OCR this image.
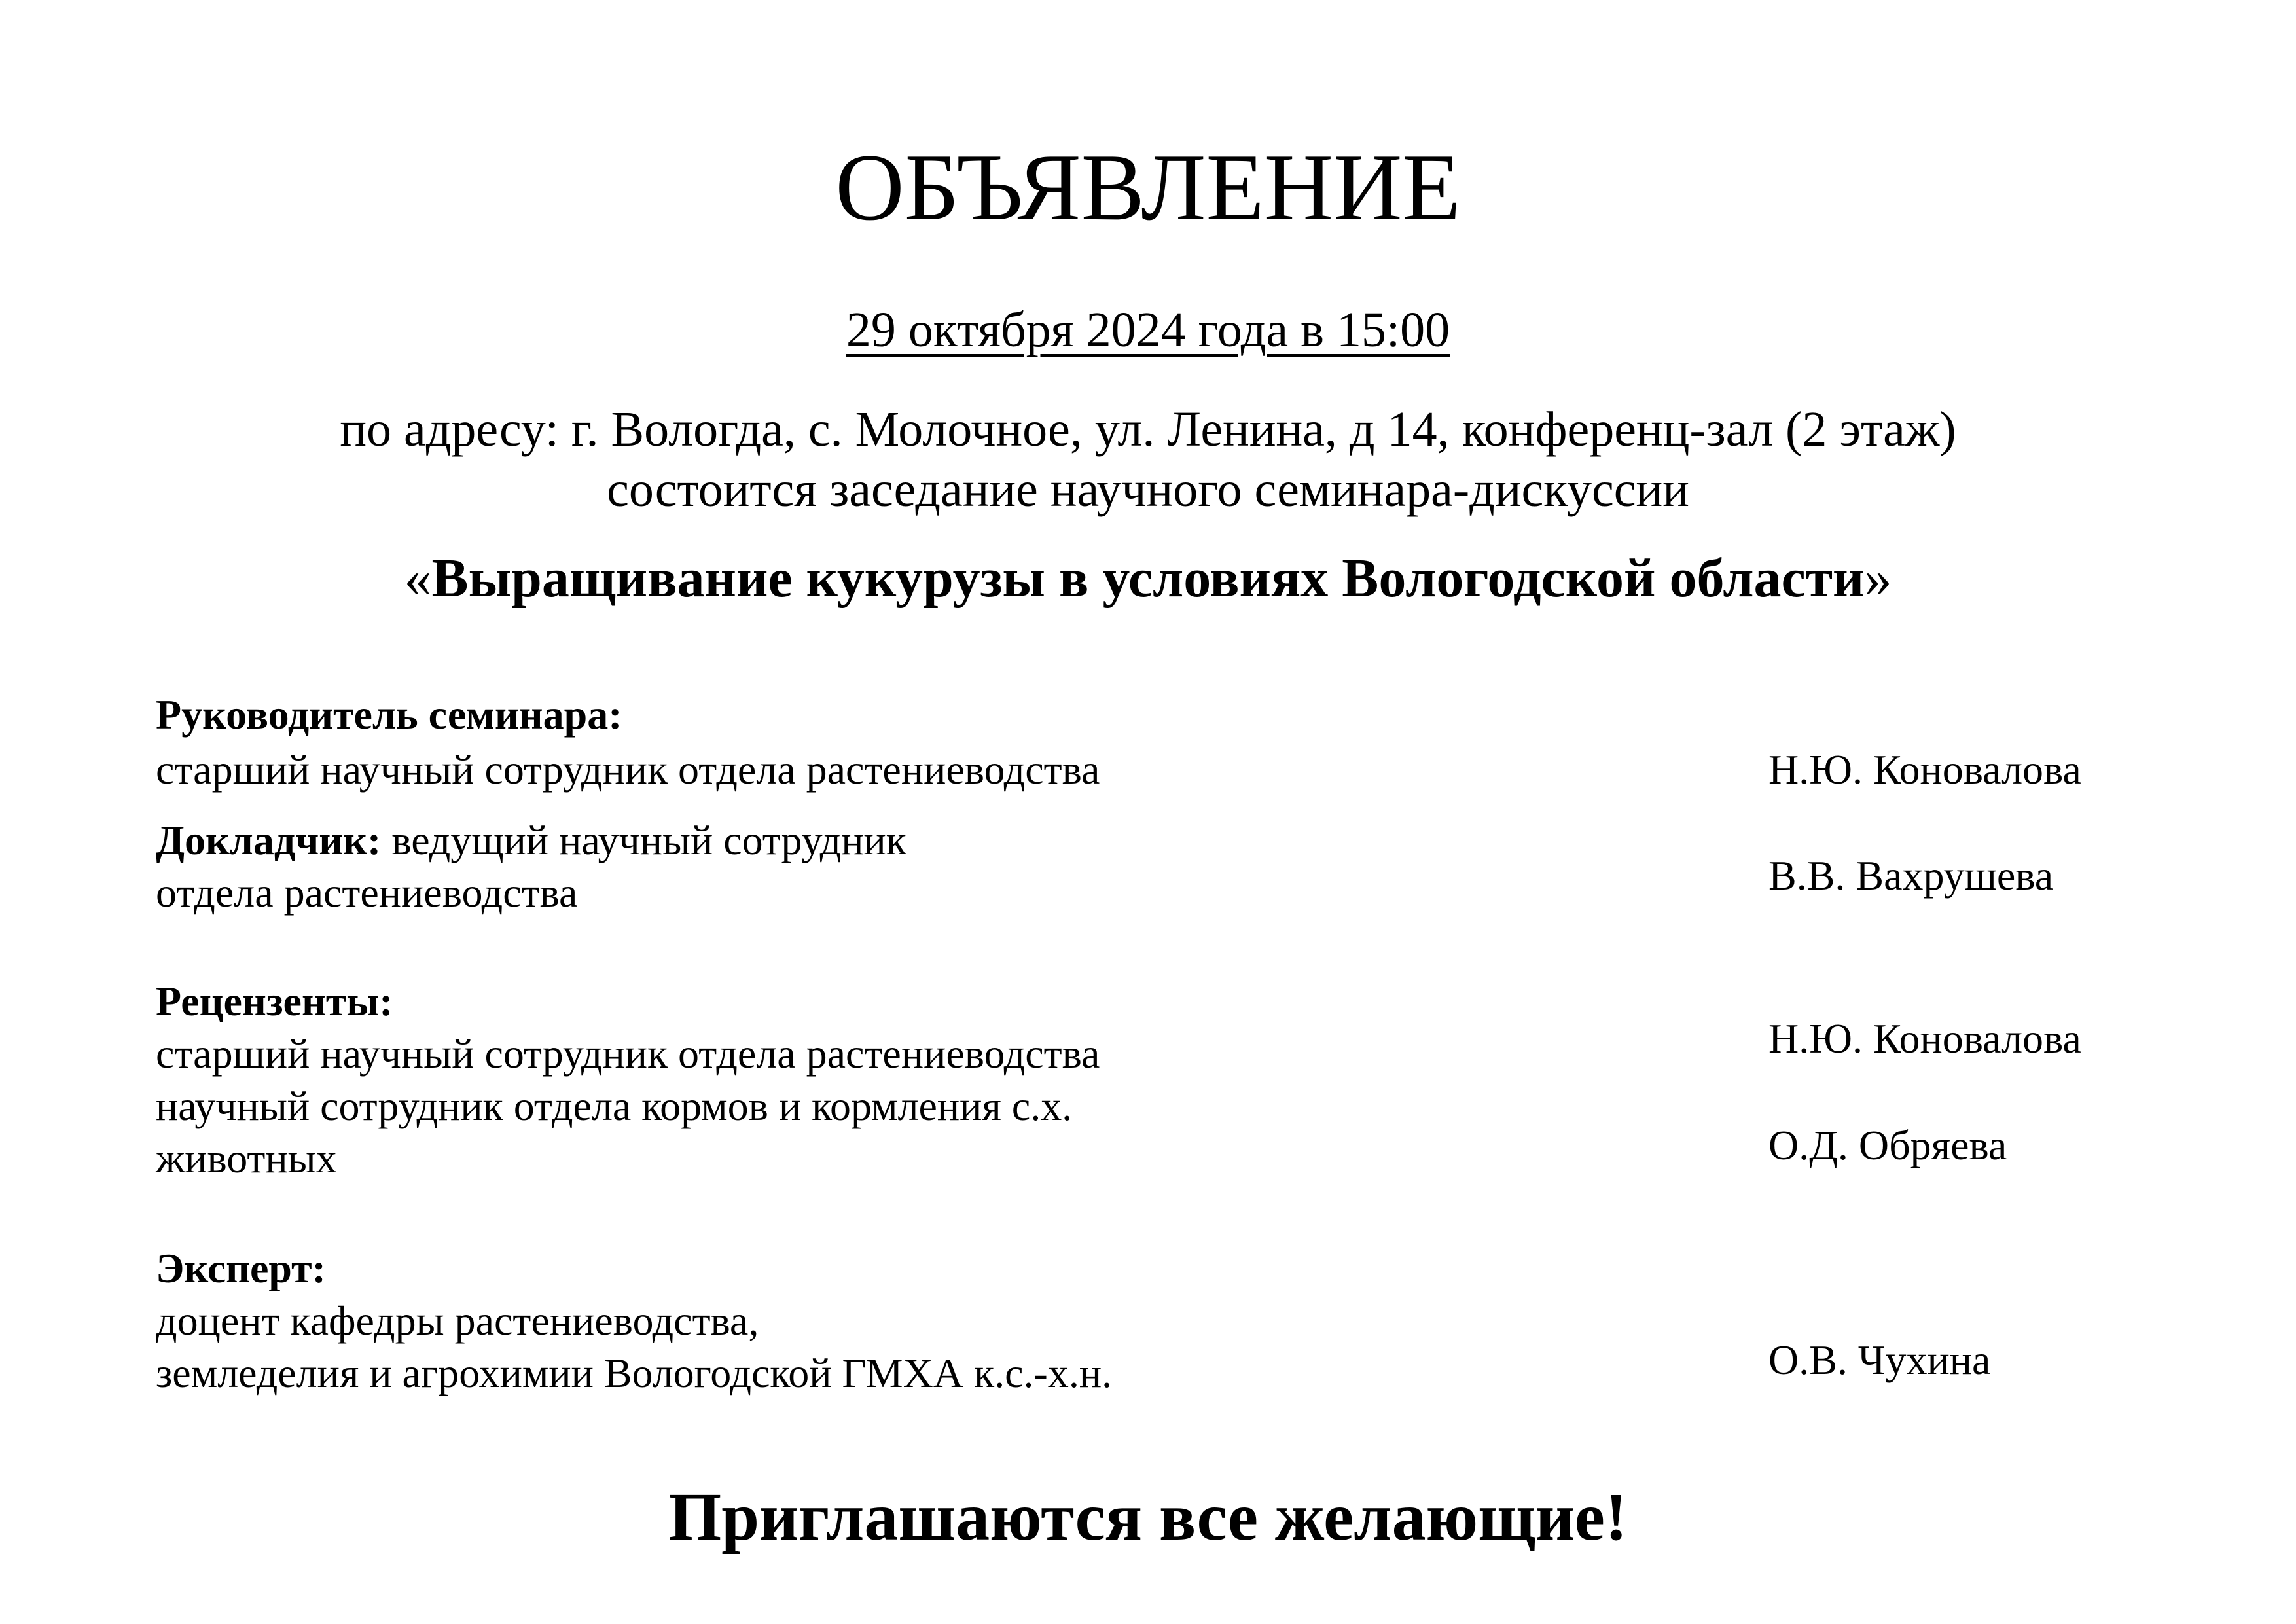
ОБЪЯВЛЕНИЕ
29 октября 2024 года в 15:00
по адресу: г. Вологда, с. Молочное, ул. Ленина, д 14, конференц-зал (2 этаж)
состоится заседание научного семинара-дискуссии
«Выращивание кукурузы в условиях Вологодской области»
Руководитель семинара:
старший научный сотрудник отдела растениеводства	Н.Ю. Коновалова
Докладчик: ведущий научный сотрудник
отдела растениеводства	В.В. Вахрушева
Рецензенты:
старший научный сотрудник отдела растениеводства	Н.Ю. Коновалова
научный сотрудник отдела кормов и кормления с.х.
животных	О.Д. Обряева
Эксперт:
доцент кафедры растениеводства,
земледелия и агрохимии Вологодской ГМХА к.с.-х.н.	О.В. Чухина
Приглашаются все желающие!
